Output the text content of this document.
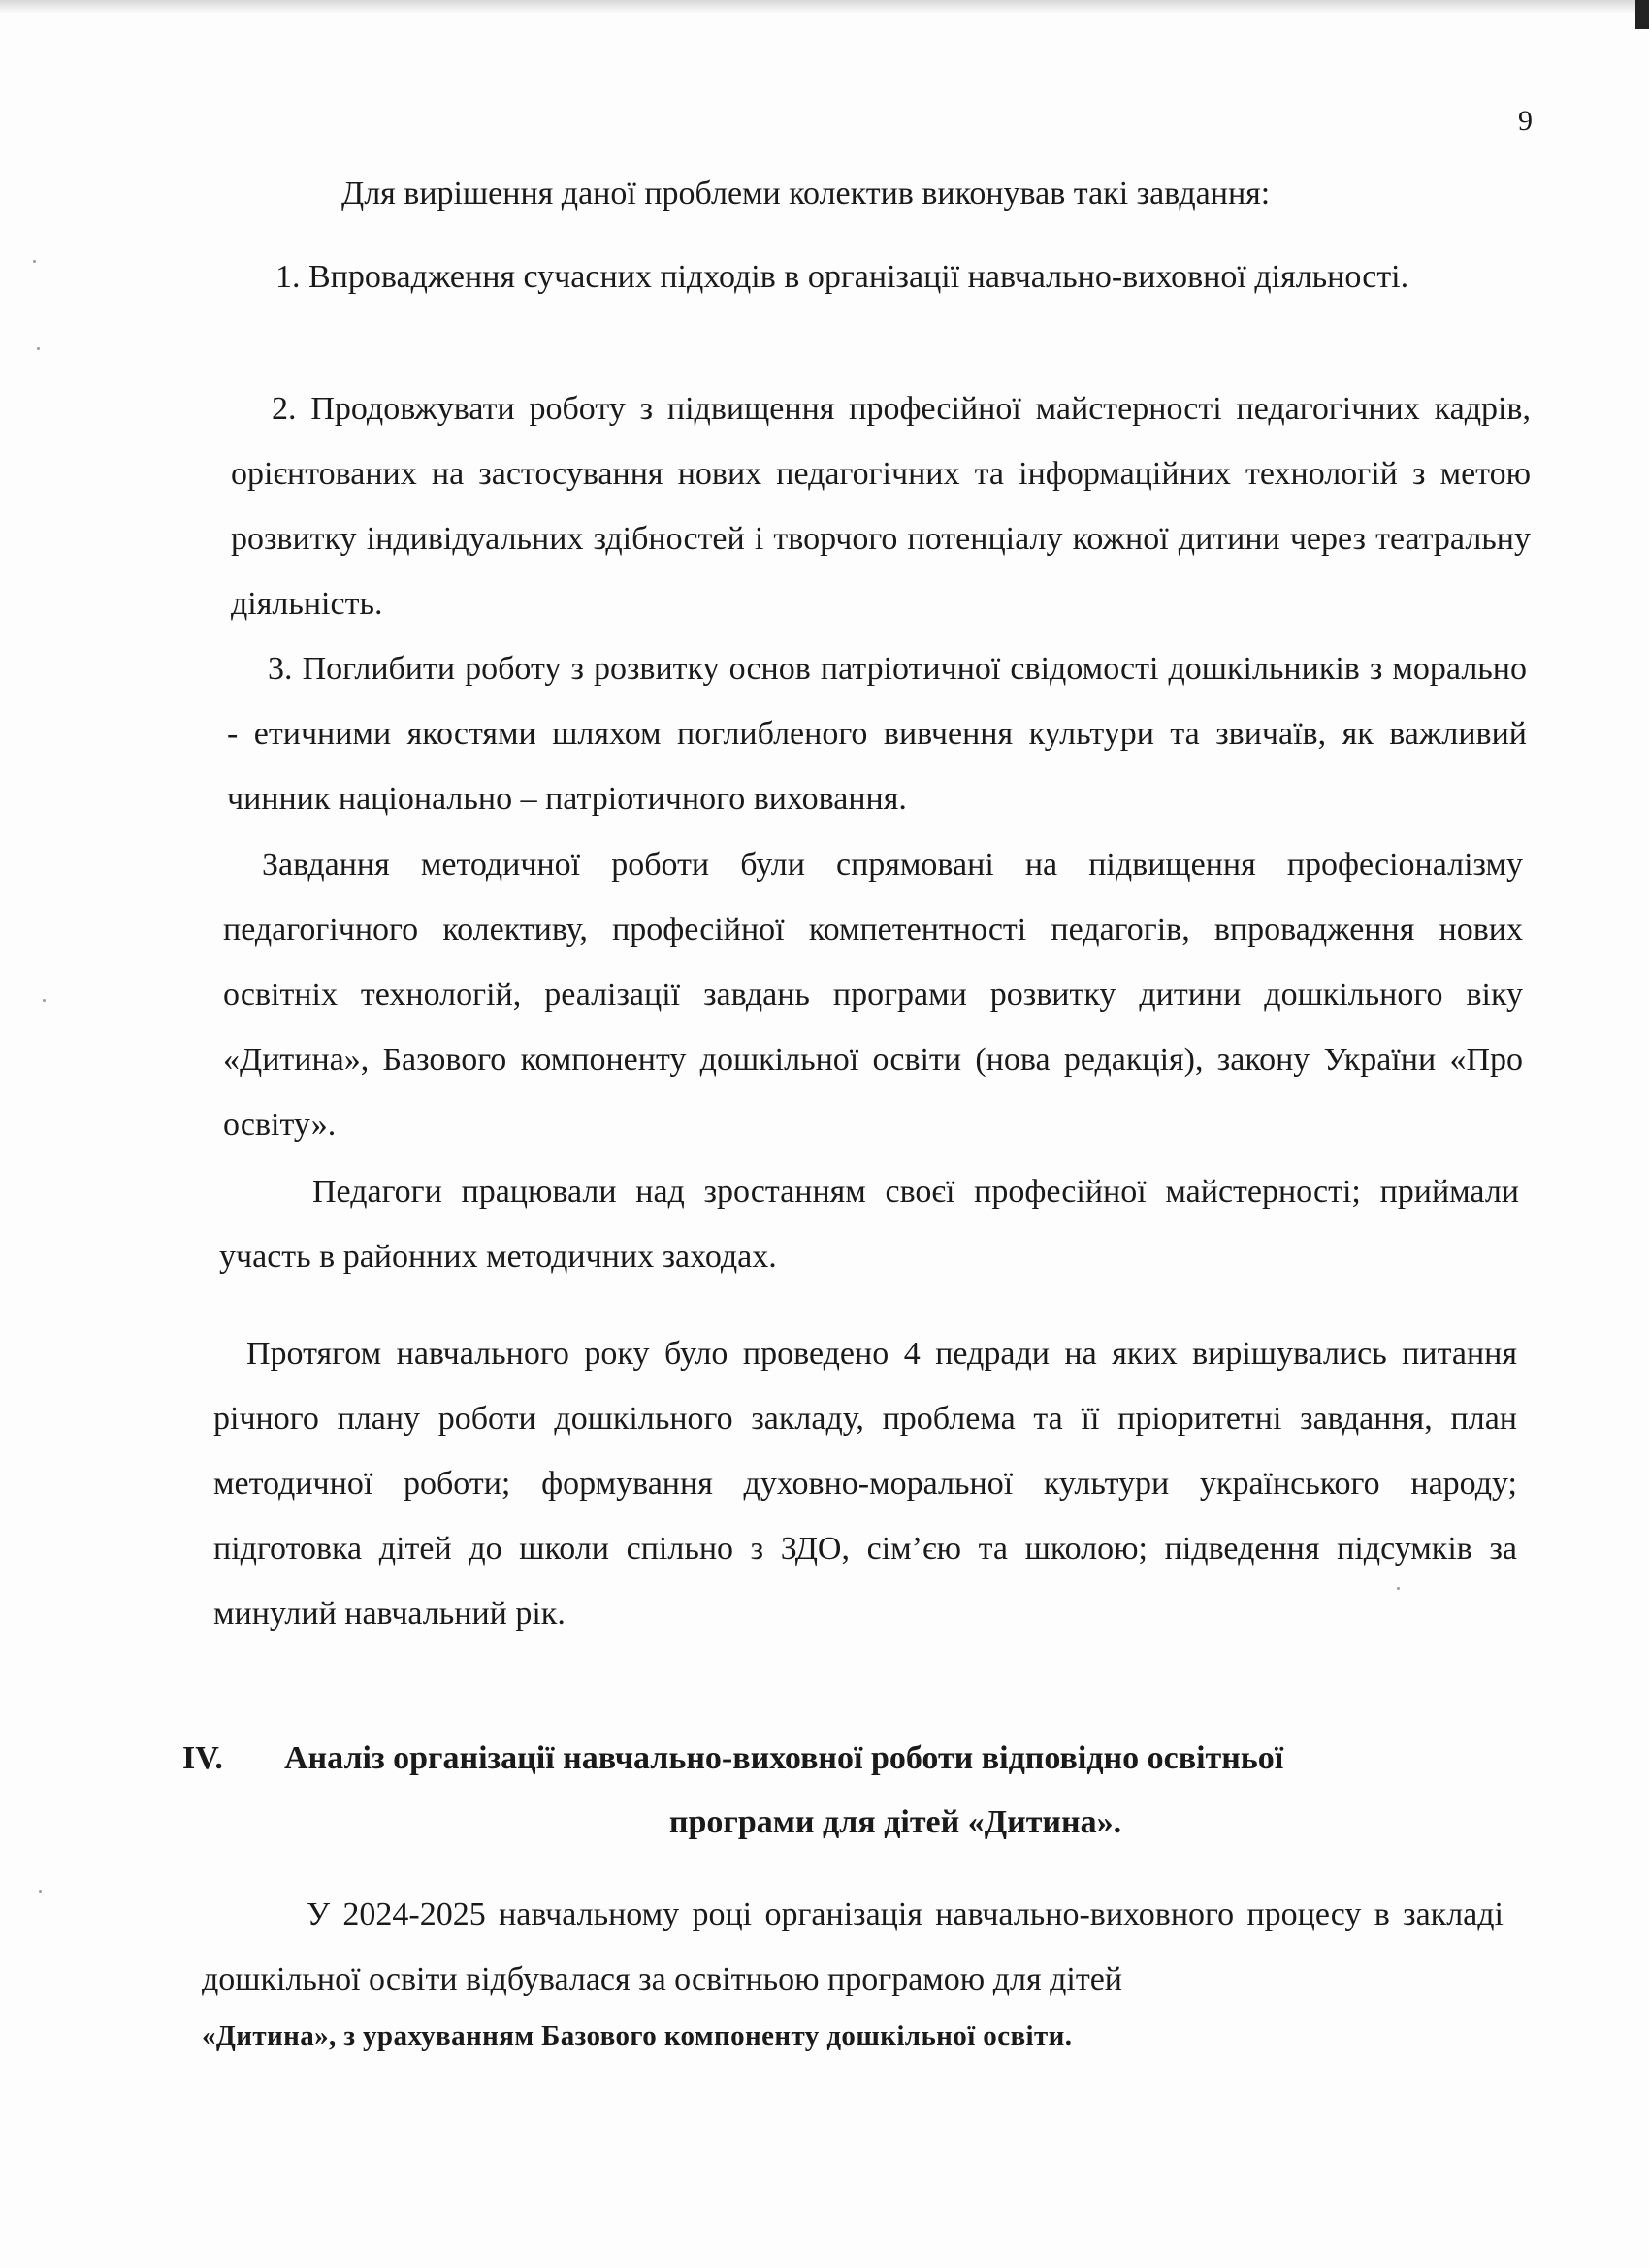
9

Для вирішення даної проблеми колектив виконував такі завдання:

1. Впровадження сучасних підходів в організації навчально-виховної діяльності.

2. Продовжувати роботу з підвищення професійної майстерності педагогічних кадрів, орієнтованих на застосування нових педагогічних та інформаційних технологій з метою розвитку індивідуальних здібностей і творчого потенціалу кожної дитини через театральну діяльність.

3. Поглибити роботу з розвитку основ патріотичної свідомості дошкільників з морально - етичними якостями шляхом поглибленого вивчення культури та звичаїв, як важливий чинник національно – патріотичного виховання.

Завдання методичної роботи були спрямовані на підвищення професіоналізму педагогічного колективу, професійної компетентності педагогів, впровадження нових освітніх технологій, реалізації завдань програми розвитку дитини дошкільного віку «Дитина», Базового компоненту дошкільної освіти (нова редакція), закону України «Про освіту».

Педагоги працювали над зростанням своєї професійної майстерності; приймали участь в районних методичних заходах.

Протягом навчального року було проведено 4 педради на яких вирішувались питання річного плану роботи дошкільного закладу, проблема та її пріоритетні завдання, план методичної роботи; формування духовно-моральної культури українського народу; підготовка дітей до школи спільно з ЗДО, сім’єю та школою; підведення підсумків за минулий навчальний рік.

IV. Аналіз організації навчально-виховної роботи відповідно освітньої
програми для дітей «Дитина».

У 2024-2025 навчальному році організація навчально-виховного процесу в закладі дошкільної освіти відбувалася за освітньою програмою для дітей

«Дитина», з урахуванням Базового компоненту дошкільної освіти.
